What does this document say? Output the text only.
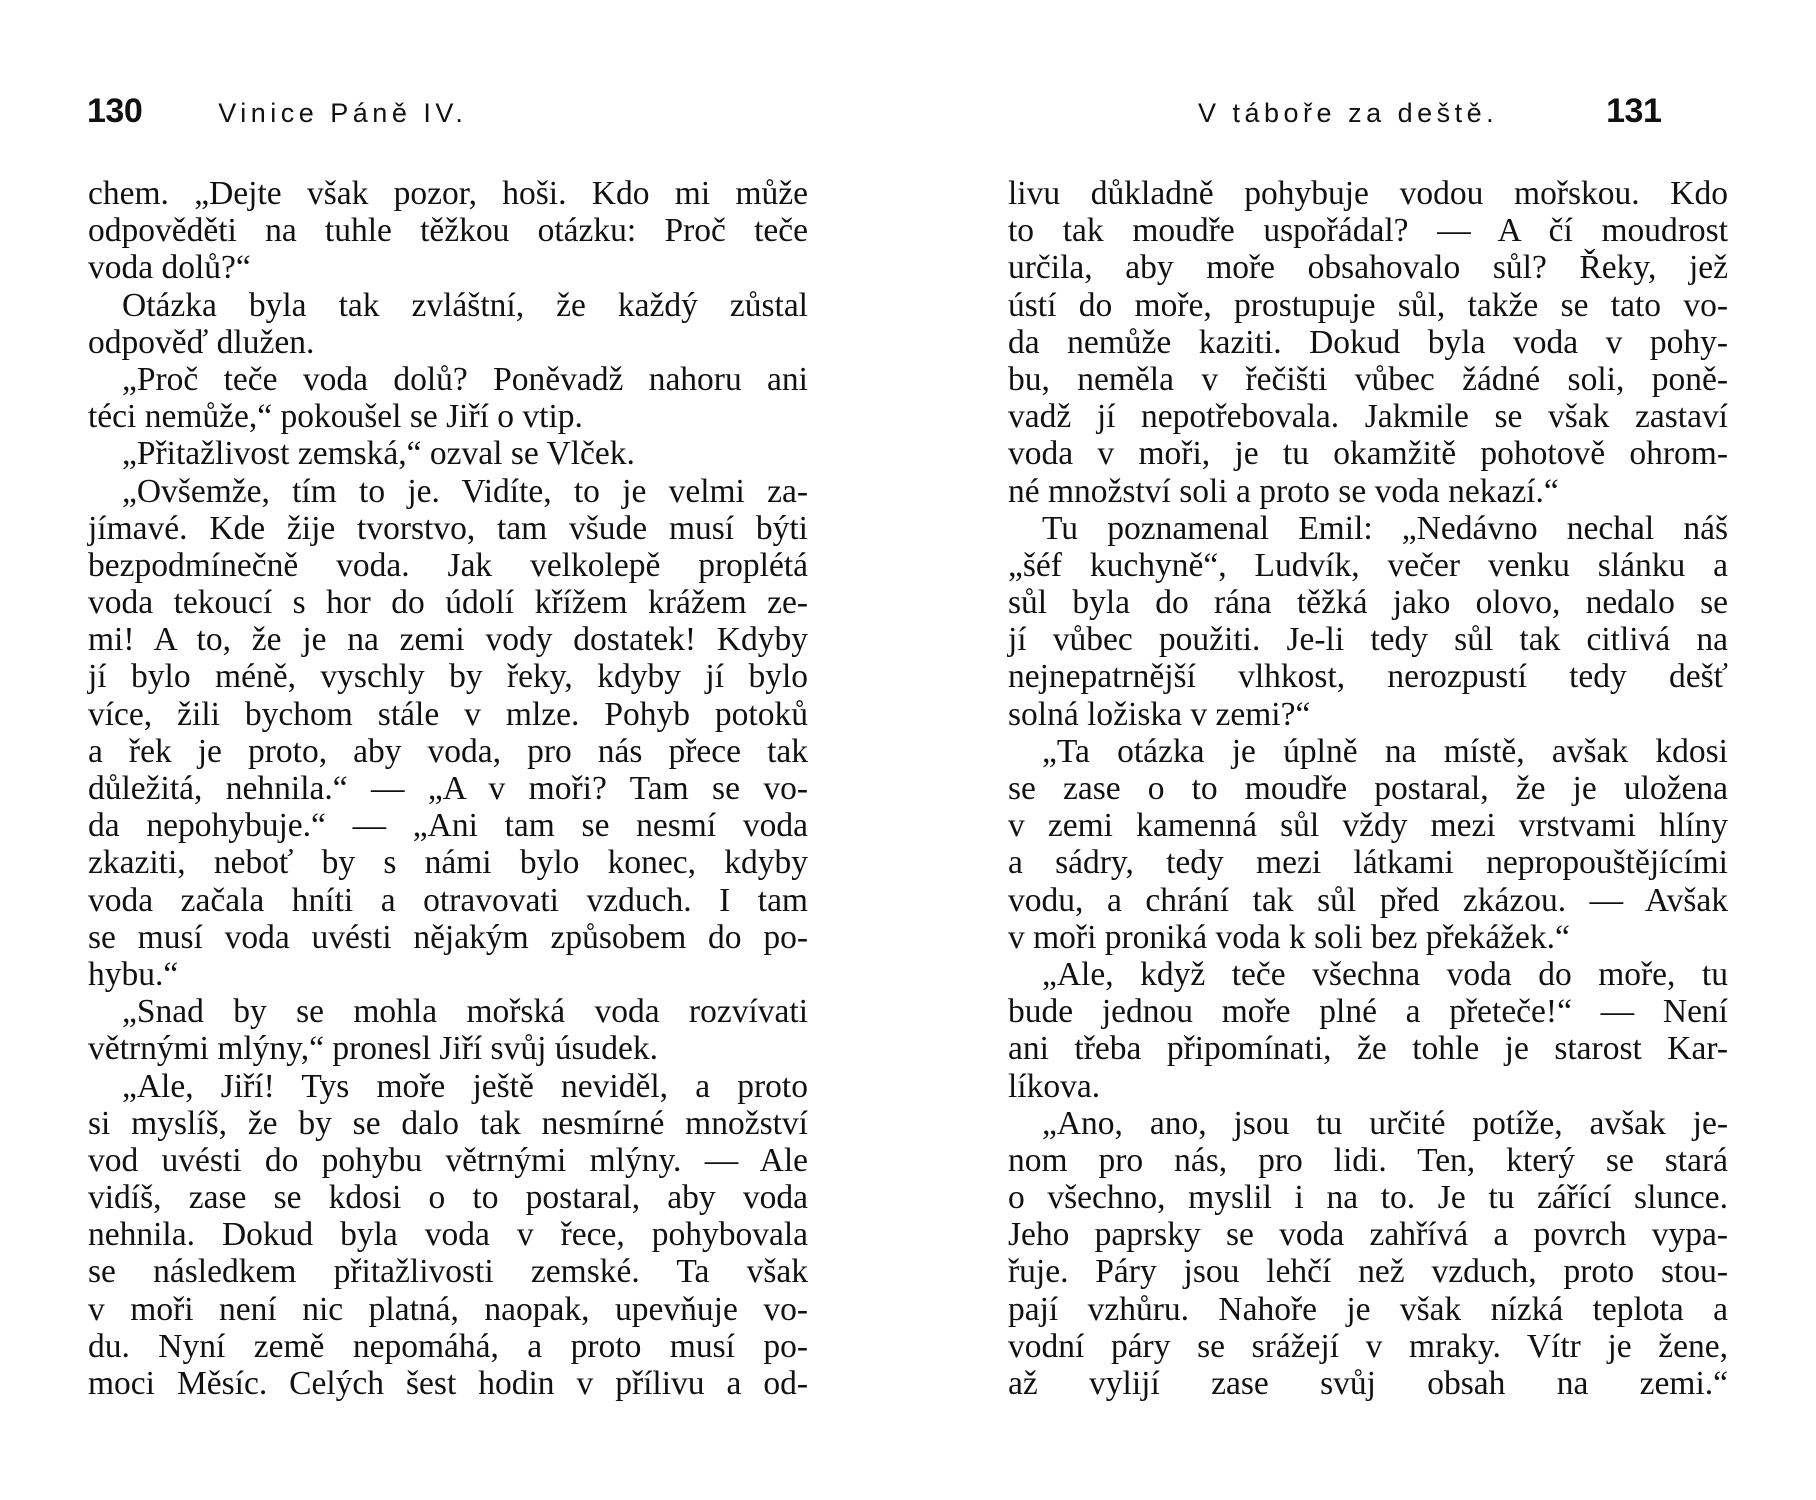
130	Vinice Páně IV.
chem. „Dejte však pozor, hoši. Kdo mi může
odpověděti na tuhle těžkou otázku: Proč teče
voda dolů?“
Otázka byla tak zvláštní, že každý zůstal
odpověď dlužen.
„Proč teče voda dolů? Poněvadž nahoru ani
téci nemůže,“ pokoušel se Jiří o vtip.
„Přitažlivost zemská,“ ozval se Vlček.
„Ovšemže, tím to je. Vidíte, to je velmi za-
jímavé. Kde žije tvorstvo, tam všude musí býti
bezpodmínečně voda. Jak velkolepě proplétá
voda tekoucí s hor do údolí křížem krážem ze-
mi! A to, že je na zemi vody dostatek! Kdyby
jí bylo méně, vyschly by řeky, kdyby jí bylo
více, žili bychom stále v mlze. Pohyb potoků
a řek je proto, aby voda, pro nás přece tak
důležitá, nehnila.“ — „A v moři? Tam se vo-
da nepohybuje.“ — „Ani tam se nesmí voda
zkaziti, neboť by s námi bylo konec, kdyby
voda začala hníti a otravovati vzduch. I tam
se musí voda uvésti nějakým způsobem do po-
hybu.“
„Snad by se mohla mořská voda rozvívati
větrnými mlýny,“ pronesl Jiří svůj úsudek.
„Ale, Jiří! Tys moře ještě neviděl, a proto
si myslíš, že by se dalo tak nesmírné množství
vod uvésti do pohybu větrnými mlýny. — Ale
vidíš, zase se kdosi o to postaral, aby voda
nehnila. Dokud byla voda v řece, pohybovala
se následkem přitažlivosti zemské. Ta však
v moři není nic platná, naopak, upevňuje vo-
du. Nyní země nepomáhá, a proto musí po-
moci Měsíc. Celých šest hodin v přílivu a od-
V táboře za deště.	131
livu důkladně pohybuje vodou mořskou. Kdo
to tak moudře uspořádal? — A čí moudrost
určila, aby moře obsahovalo sůl? Řeky, jež
ústí do moře, prostupuje sůl, takže se tato vo-
da nemůže kaziti. Dokud byla voda v pohy-
bu, neměla v řečišti vůbec žádné soli, poně-
vadž jí nepotřebovala. Jakmile se však zastaví
voda v moři, je tu okamžitě pohotově ohrom-
né množství soli a proto se voda nekazí.“
Tu poznamenal Emil: „Nedávno nechal náš
„šéf kuchyně“, Ludvík, večer venku slánku a
sůl byla do rána těžká jako olovo, nedalo se
jí vůbec použiti. Je-li tedy sůl tak citlivá na
nejnepatrnější vlhkost, nerozpustí tedy dešť
solná ložiska v zemi?“
„Ta otázka je úplně na místě, avšak kdosi
se zase o to moudře postaral, že je uložena
v zemi kamenná sůl vždy mezi vrstvami hlíny
a sádry, tedy mezi látkami nepropouštějícími
vodu, a chrání tak sůl před zkázou. — Avšak
v moři proniká voda k soli bez překážek.“
„Ale, když teče všechna voda do moře, tu
bude jednou moře plné a přeteče!“ — Není
ani třeba připomínati, že tohle je starost Kar-
líkova.
„Ano, ano, jsou tu určité potíže, avšak je-
nom pro nás, pro lidi. Ten, který se stará
o všechno, myslil i na to. Je tu zářící slunce.
Jeho paprsky se voda zahřívá a povrch vypa-
řuje. Páry jsou lehčí než vzduch, proto stou-
pají vzhůru. Nahoře je však nízká teplota a
vodní páry se srážejí v mraky. Vítr je žene,
až vylijí zase svůj obsah na zemi.“
